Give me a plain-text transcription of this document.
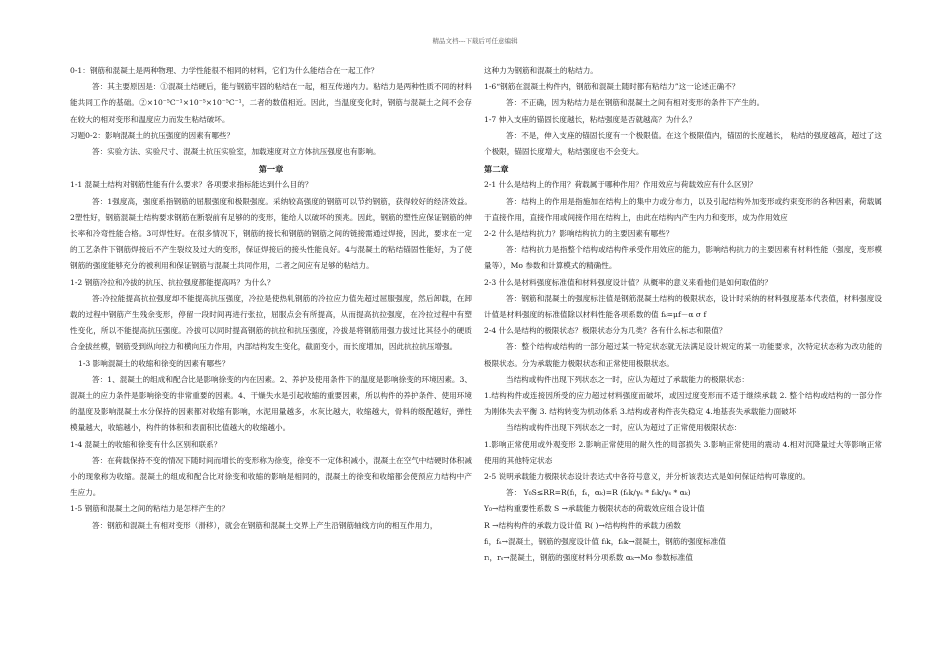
精品文档---下载后可任意编辑
0-1：钢筋和混凝土是两种物理、力学性能很不相同的材料，它们为什么能结合在一起工作？
答：其主要原因是：①混凝土结硬后，能与钢筋牢固的粘结在一起，相互传递内力。粘结力是两种性质不同的材料能共同工作的基础。②×10⁻⁵C⁻¹×10⁻⁵×10⁻⁵C⁻¹，二者的数值相近。因此，当温度变化时，钢筋与混凝土之间不会存在较大的相对变形和温度应力而发生粘结破坏。
习题0-2：影响混凝土的抗压强度的因素有哪些？
答：实验方法、实验尺寸、混凝土抗压实验室，加载速度对立方体抗压强度也有影响。
第一章
1-1 混凝土结构对钢筋性能有什么要求？各项要求指标能达到什么目的？
答：1强度高，强度系指钢筋的屈服强度和极限强度。采纳较高强度的钢筋可以节约钢筋，获得较好的经济效益。2塑性好，钢筋混凝土结构要求钢筋在断裂前有足够的的变形，能给人以破坏的预兆。因此，钢筋的塑性应保证钢筋的伸长率和冷弯性能合格。3可焊性好。在很多情况下，钢筋的接长和钢筋的钢筋之间的链接需通过焊接，因此，要求在一定的工艺条件下钢筋焊接后不产生裂纹及过大的变形，保证焊接后的接头性能良好。4与混凝土的粘结锚固性能好，为了使钢筋的强度能够充分的被利用和保证钢筋与混凝土共同作用，二者之间应有足够的粘结力。
1-2 钢筋冷拉和冷拔的抗压、抗拉强度都能提高吗？为什么？
答:冷拉能提高抗拉强度却不能提高抗压强度，冷拉是使热轧钢筋的冷拉应力值先超过屈服强度，然后卸载，在卸载的过程中钢筋产生残余变形，停留一段时间再进行张拉，屈服点会有所提高，从而提高抗拉强度，在冷拉过程中有塑性变化，所以不能提高抗压强度。冷拔可以同时提高钢筋的抗拉和抗压强度，冷拔是将钢筋用强力拔过比其径小的硬质合金拔丝模，钢筋受到纵向拉力和横向压力作用，内部结构发生变化，截面变小，而长度增加，因此抗拉抗压增强。
1-3 影响混凝土的收缩和徐变的因素有哪些？
答：1、混凝土的组成和配合比是影响徐变的内在因素。2、养护及使用条件下的温度是影响徐变的环境因素。3、混凝土的应力条件是影响徐变的非常重要的因素。4、干燥失水是引起收缩的重要因素，所以构件的养护条件、使用环境的温度及影响混凝土水分保持的因素都对收缩有影响，水泥用量越多，水灰比越大，收缩越大，骨料的级配越好，弹性模量越大，收缩越小，构件的体积和表面积比值越大的收缩越小。
1-4 混凝土的收缩和徐变有什么区别和联系？
答：在荷载保持不变的情况下随时间而增长的变形称为徐变，徐变不一定体积减小，混凝土在空气中结硬时体积减小的现象称为收缩。混凝土的组成和配合比对徐变和收缩的影响是相同的，混凝土的徐变和收缩都会使预应力结构中产生应力。
1-5 钢筋和混凝土之间的粘结力是怎样产生的？
答：钢筋和混凝土有相对变形（滑移），就会在钢筋和混凝土交界上产生沿钢筋轴线方向的相互作用力，
这种力为钢筋和混凝土的粘结力。
1-6“钢筋在混凝土构件内，钢筋和混凝土随时都有粘结力”这一论述正确不？
答：不正确，因为粘结力是在钢筋和混凝土之间有相对变形的条件下产生的。
1-7 伸入支座的锚固长度越长，粘结强度是否就越高？为什么？
答：不是，伸入支座的锚固长度有一个极限值。在这个极限值内，锚固的长度越长， 粘结的强度越高，超过了这个极限，锚固长度增大，粘结强度也不会变大。
第二章
2-1 什么是结构上的作用？荷载属于哪种作用？作用效应与荷载效应有什么区别？
答：结构上的作用是指施加在结构上的集中力或分布力，以及引起结构外加变形或约束变形的各种因素，荷载属于直接作用，直接作用或间接作用在结构上，由此在结构内产生内力和变形，成为作用效应
2-2 什么是结构抗力？影响结构抗力的主要因素有哪些？
答：结构抗力是指整个结构或结构件承受作用效应的能力，影响结构抗力的主要因素有材料性能（强度，变形模量等），Mo 参数和计算模式的精确性。
2-3 什么是材料强度标准值和材料强度设计值？从概率的意义来看他们是如何取值的？
答：钢筋和混凝土的强度标注值是钢筋混凝土结构的极限状态，设计时采纳的材料强度基本代表值，材料强度设计值是材料强度的标准值除以材料性能各项系数的值 fₖ=μf－α σ f
2-4 什么是结构的极限状态？极限状态分为几类？各有什么标志和限值？
答：整个结构或结构的一部分超过某一特定状态就无法满足设计规定的某一功能要求，次特定状态称为改功能的极限状态。分为承载能力极限状态和正常使用极限状态。
当结构或构件出现下列状态之一时，应认为超过了承载能力的极限状态：
1.结构构件或连接因所受的应力超过材料强度而破坏，或因过度变形而不适于继续承载 2. 整个结构或结构的一部分作为刚体失去平衡 3. 结构转变为机动体系 3.结构或者构件丧失稳定 4.地基丧失承载能力面破坏
当结构或构件出现下列状态之一时，应认为超过了正常使用极限状态：
1.影响正常使用或外观变形 2.影响正常使用的耐久性的局部损失 3.影响正常使用的震动 4.相对沉降量过大等影响正常使用的其他特定状态
2-5 说明承载能力极限状态设计表达式中各符号意义，并分析该表达式是如何保证结构可靠度的。
答： Υ₀S≤RR=R(fₗ，fₛ，αₖ)=R (fₛk/γₛ * fₛk/γₛ * αₖ)
Υ₀→结构重要性系数 S →承载能力极限状态的荷载效应组合设计值
R →结构构件的承载力设计值 R( )→结构构件的承载力函数
fₗ，fₛ→混凝土，钢筋的强度设计值 fₗk，fₛk→混凝土，钢筋的强度标准值
rₗ，rₛ→混凝土，钢筋的强度材料分项系数 αₖ→Mo 参数标准值
